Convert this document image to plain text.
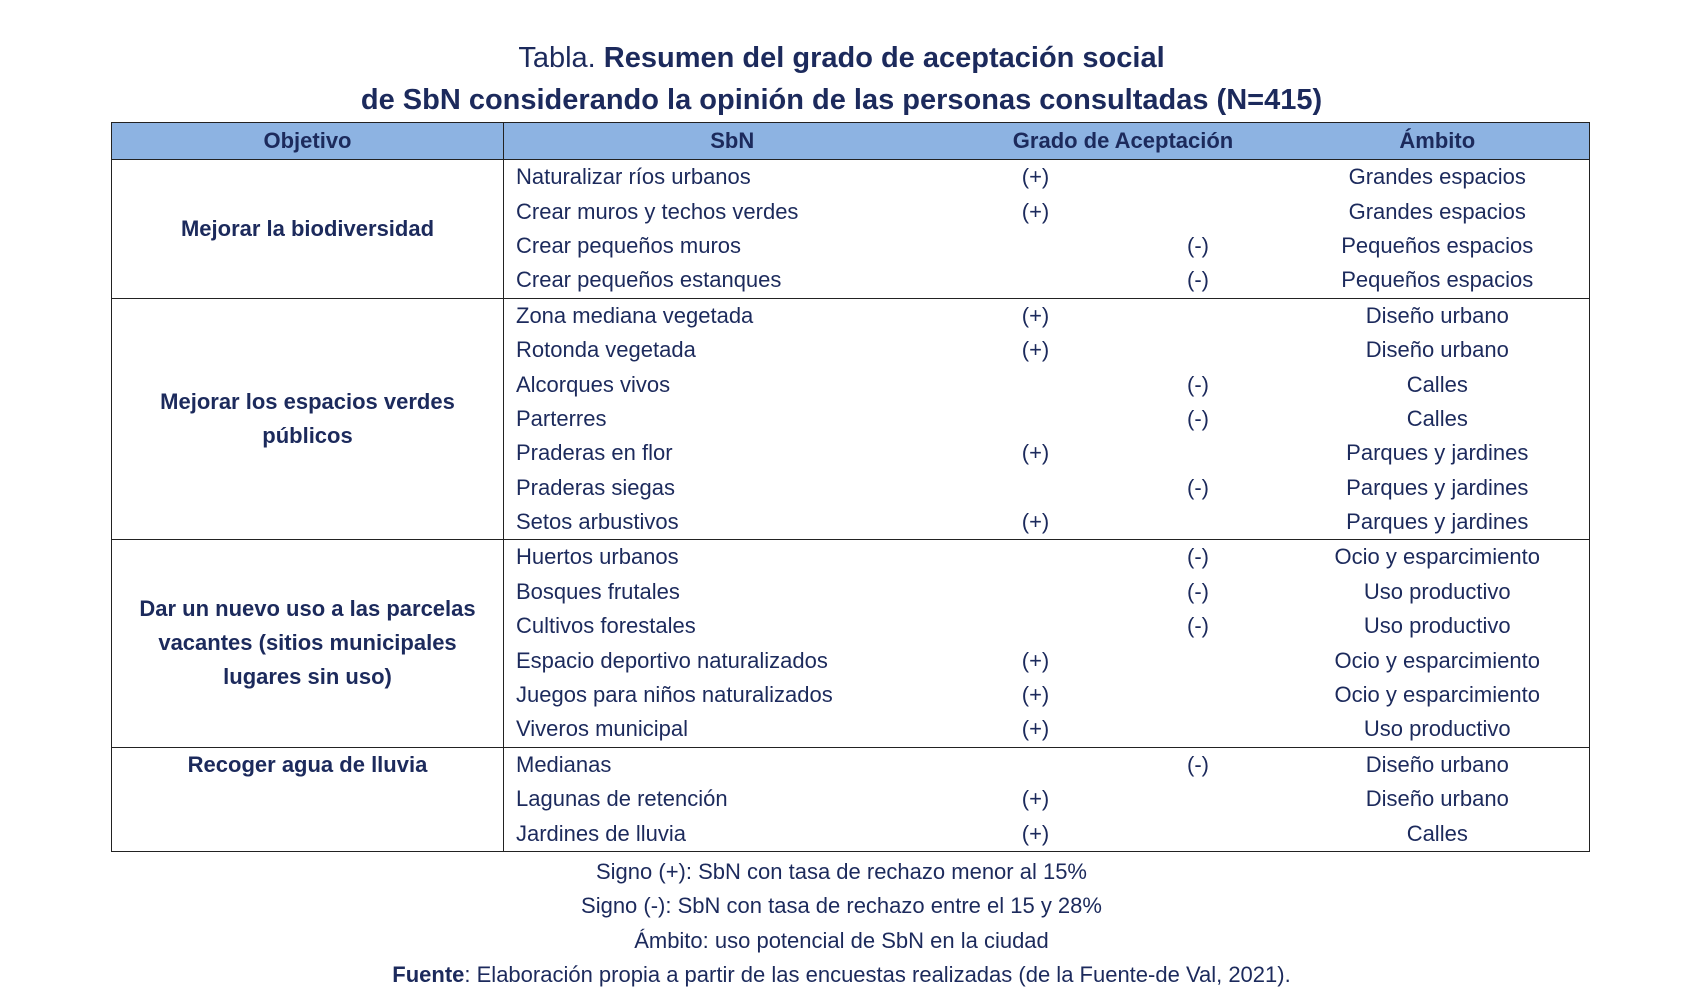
Tabla. Resumen del grado de aceptación social
de SbN considerando la opinión de las personas consultadas (N=415)
Objetivo	SbN	Grado de Aceptación		Ámbito
Mejorar la biodiversidad	Naturalizar ríos urbanos	(+)		Grandes espacios
	Crear muros y techos verdes	(+)		Grandes espacios
	Crear pequeños muros		(-)	Pequeños espacios
	Crear pequeños estanques		(-)	Pequeños espacios
Mejorar los espacios verdes públicos	Zona mediana vegetada	(+)		Diseño urbano
	Rotonda vegetada	(+)		Diseño urbano
	Alcorques vivos		(-)	Calles
	Parterres		(-)	Calles
	Praderas en flor	(+)		Parques y jardines
	Praderas siegas		(-)	Parques y jardines
	Setos arbustivos	(+)		Parques y jardines
Dar un nuevo uso a las parcelas vacantes (sitios municipales lugares sin uso)	Huertos urbanos		(-)	Ocio y esparcimiento
	Bosques frutales		(-)	Uso productivo
	Cultivos forestales		(-)	Uso productivo
	Espacio deportivo naturalizados	(+)		Ocio y esparcimiento
	Juegos para niños naturalizados	(+)		Ocio y esparcimiento
	Viveros municipal	(+)		Uso productivo
Recoger agua de lluvia	Medianas		(-)	Diseño urbano
	Lagunas de retención	(+)		Diseño urbano
	Jardines de lluvia	(+)		Calles
Signo (+): SbN con tasa de rechazo menor al 15%
Signo (-): SbN con tasa de rechazo entre el 15 y 28%
Ámbito: uso potencial de SbN en la ciudad
Fuente: Elaboración propia a partir de las encuestas realizadas (de la Fuente-de Val, 2021).
